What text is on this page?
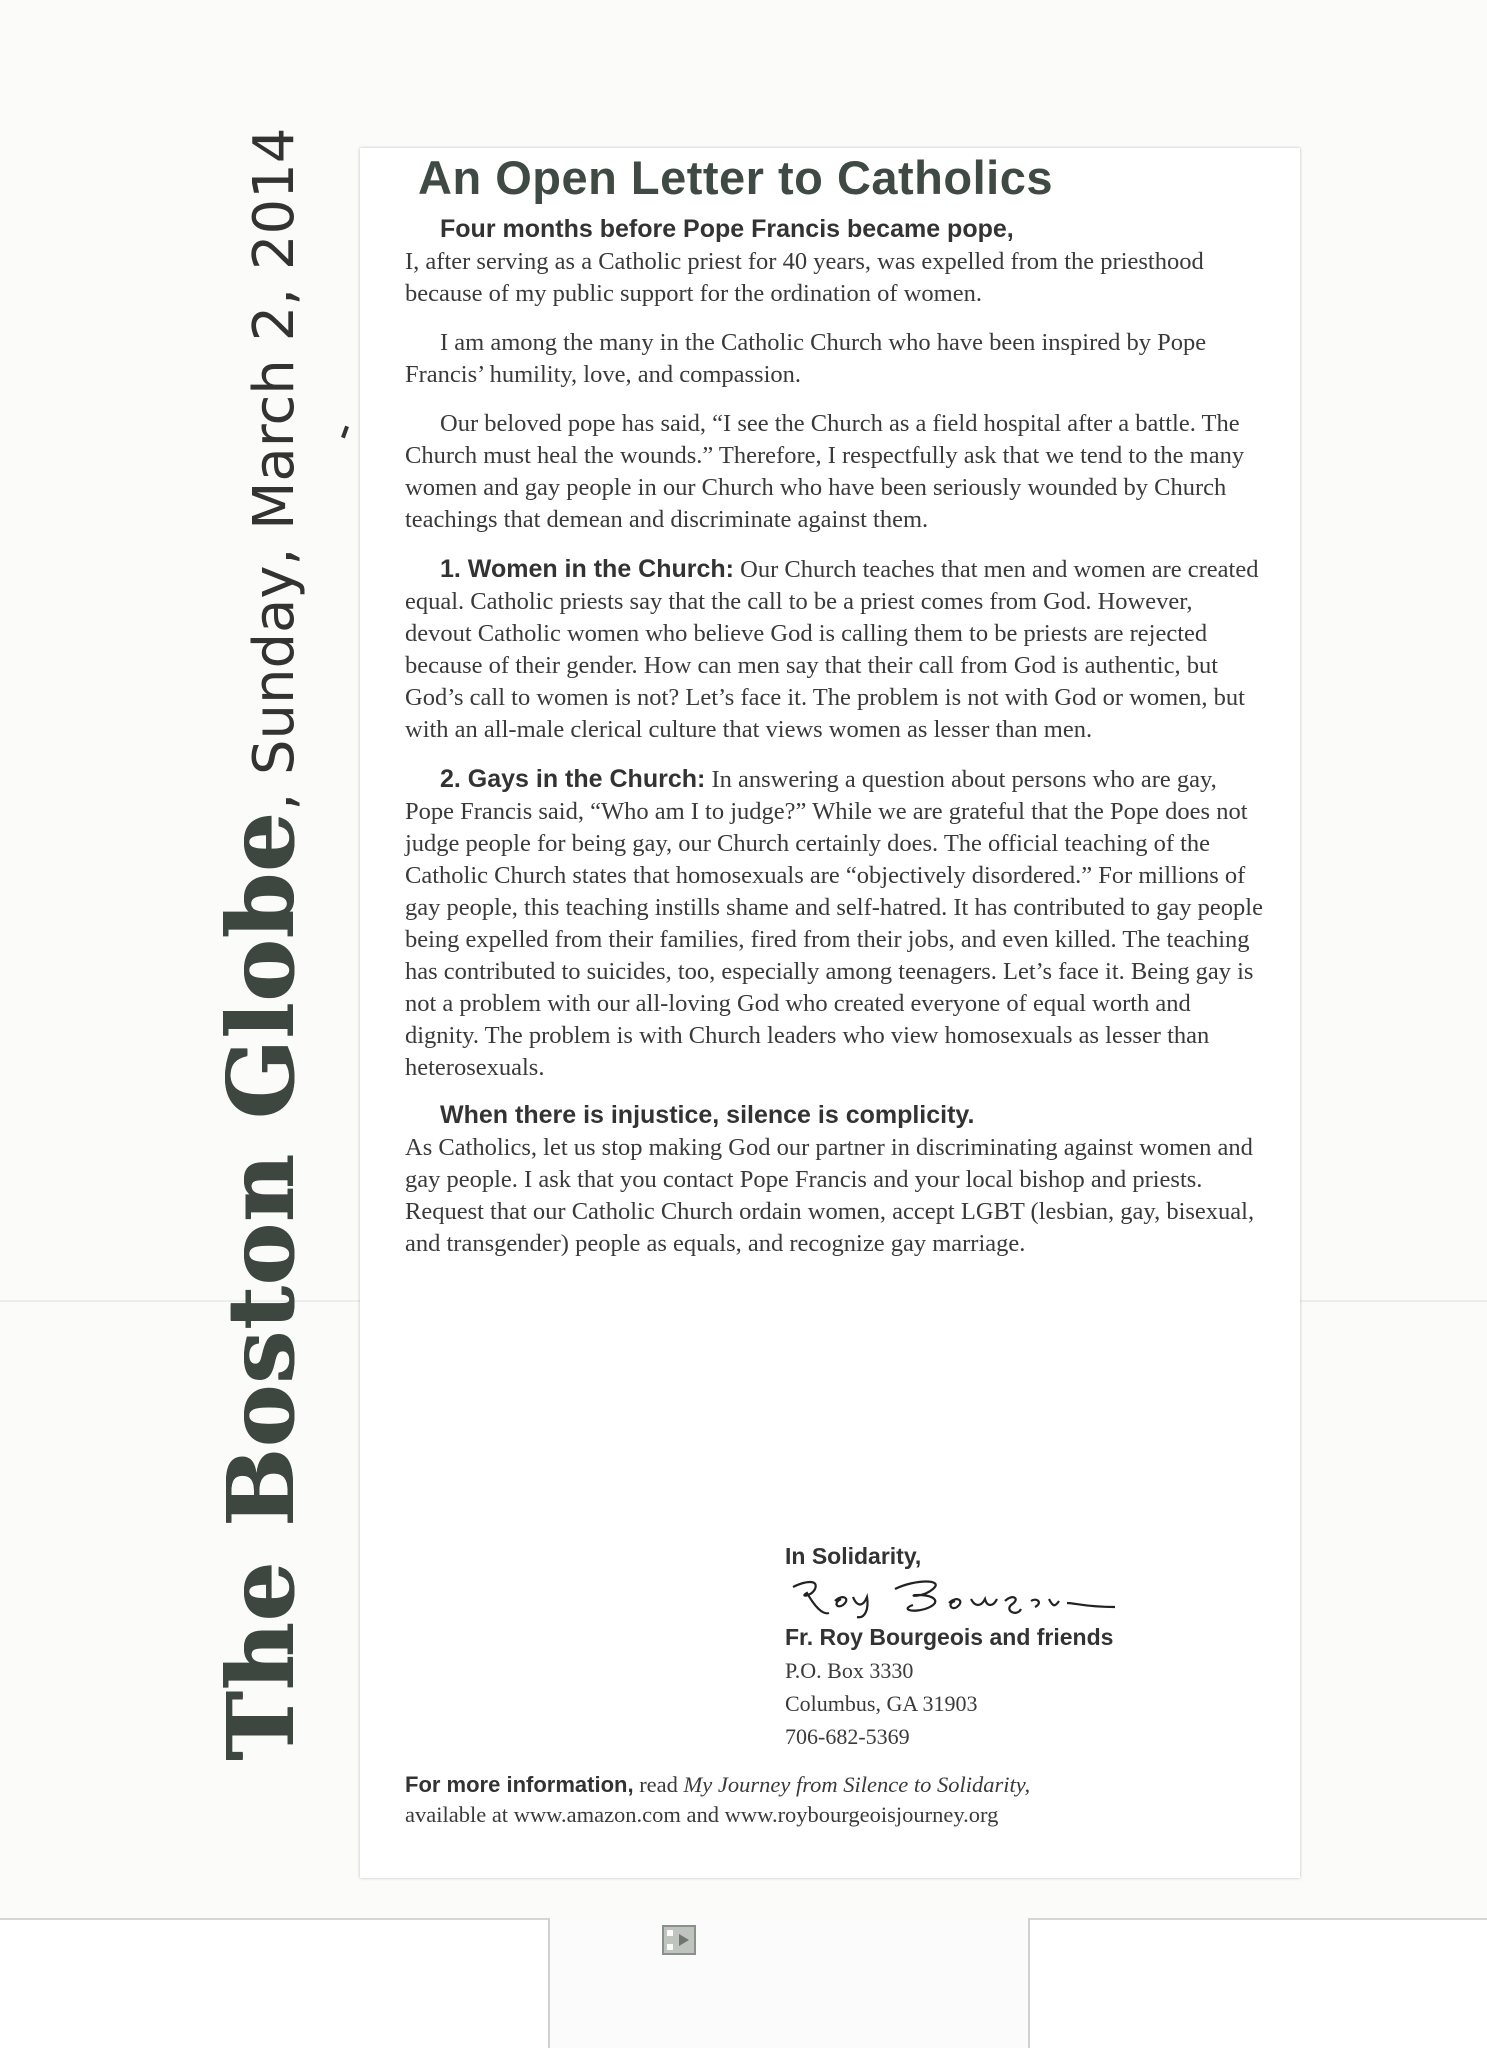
The Boston Globe, Sunday, March 2, 2014 An Open Letter to Catholics
Four months before Pope Francis became pope,

I, after serving as a Catholic priest for 40 years, was expelled from the priesthood because of my public support for the ordination of women.

I am among the many in the Catholic Church who have been inspired by Pope Francis’ humility, love, and compassion.

Our beloved pope has said, “I see the Church as a field hospital after a battle. The Church must heal the wounds.” Therefore, I respectfully ask that we tend to the many women and gay people in our Church who have been seriously wounded by Church teachings that demean and discriminate against them.

1. Women in the Church: Our Church teaches that men and women are created equal. Catholic priests say that the call to be a priest comes from God. However, devout Catholic women who believe God is calling them to be priests are rejected because of their gender. How can men say that their call from God is authentic, but God’s call to women is not? Let’s face it. The problem is not with God or women, but with an all-male clerical culture that views women as lesser than men.

2. Gays in the Church: In answering a question about persons who are gay, Pope Francis said, “Who am I to judge?” While we are grateful that the Pope does not judge people for being gay, our Church certainly does. The official teaching of the Catholic Church states that homosexuals are “objectively disordered.” For millions of gay people, this teaching instills shame and self-hatred. It has contributed to gay people being expelled from their families, fired from their jobs, and even killed. The teaching has contributed to suicides, too, especially among teenagers. Let’s face it. Being gay is not a problem with our all-loving God who created everyone of equal worth and dignity. The problem is with Church leaders who view homosexuals as lesser than heterosexuals.

When there is injustice, silence is complicity.

As Catholics, let us stop making God our partner in discriminating against women and gay people. I ask that you contact Pope Francis and your local bishop and priests. Request that our Catholic Church ordain women, accept LGBT (lesbian, gay, bisexual, and transgender) people as equals, and recognize gay marriage.

In Solidarity,
Fr. Roy Bourgeois and friends
P.O. Box 3330
Columbus, GA 31903
706-682-5369
For more information, read My Journey from Silence to Solidarity,
available at www.amazon.com and www.roybourgeoisjourney.org
